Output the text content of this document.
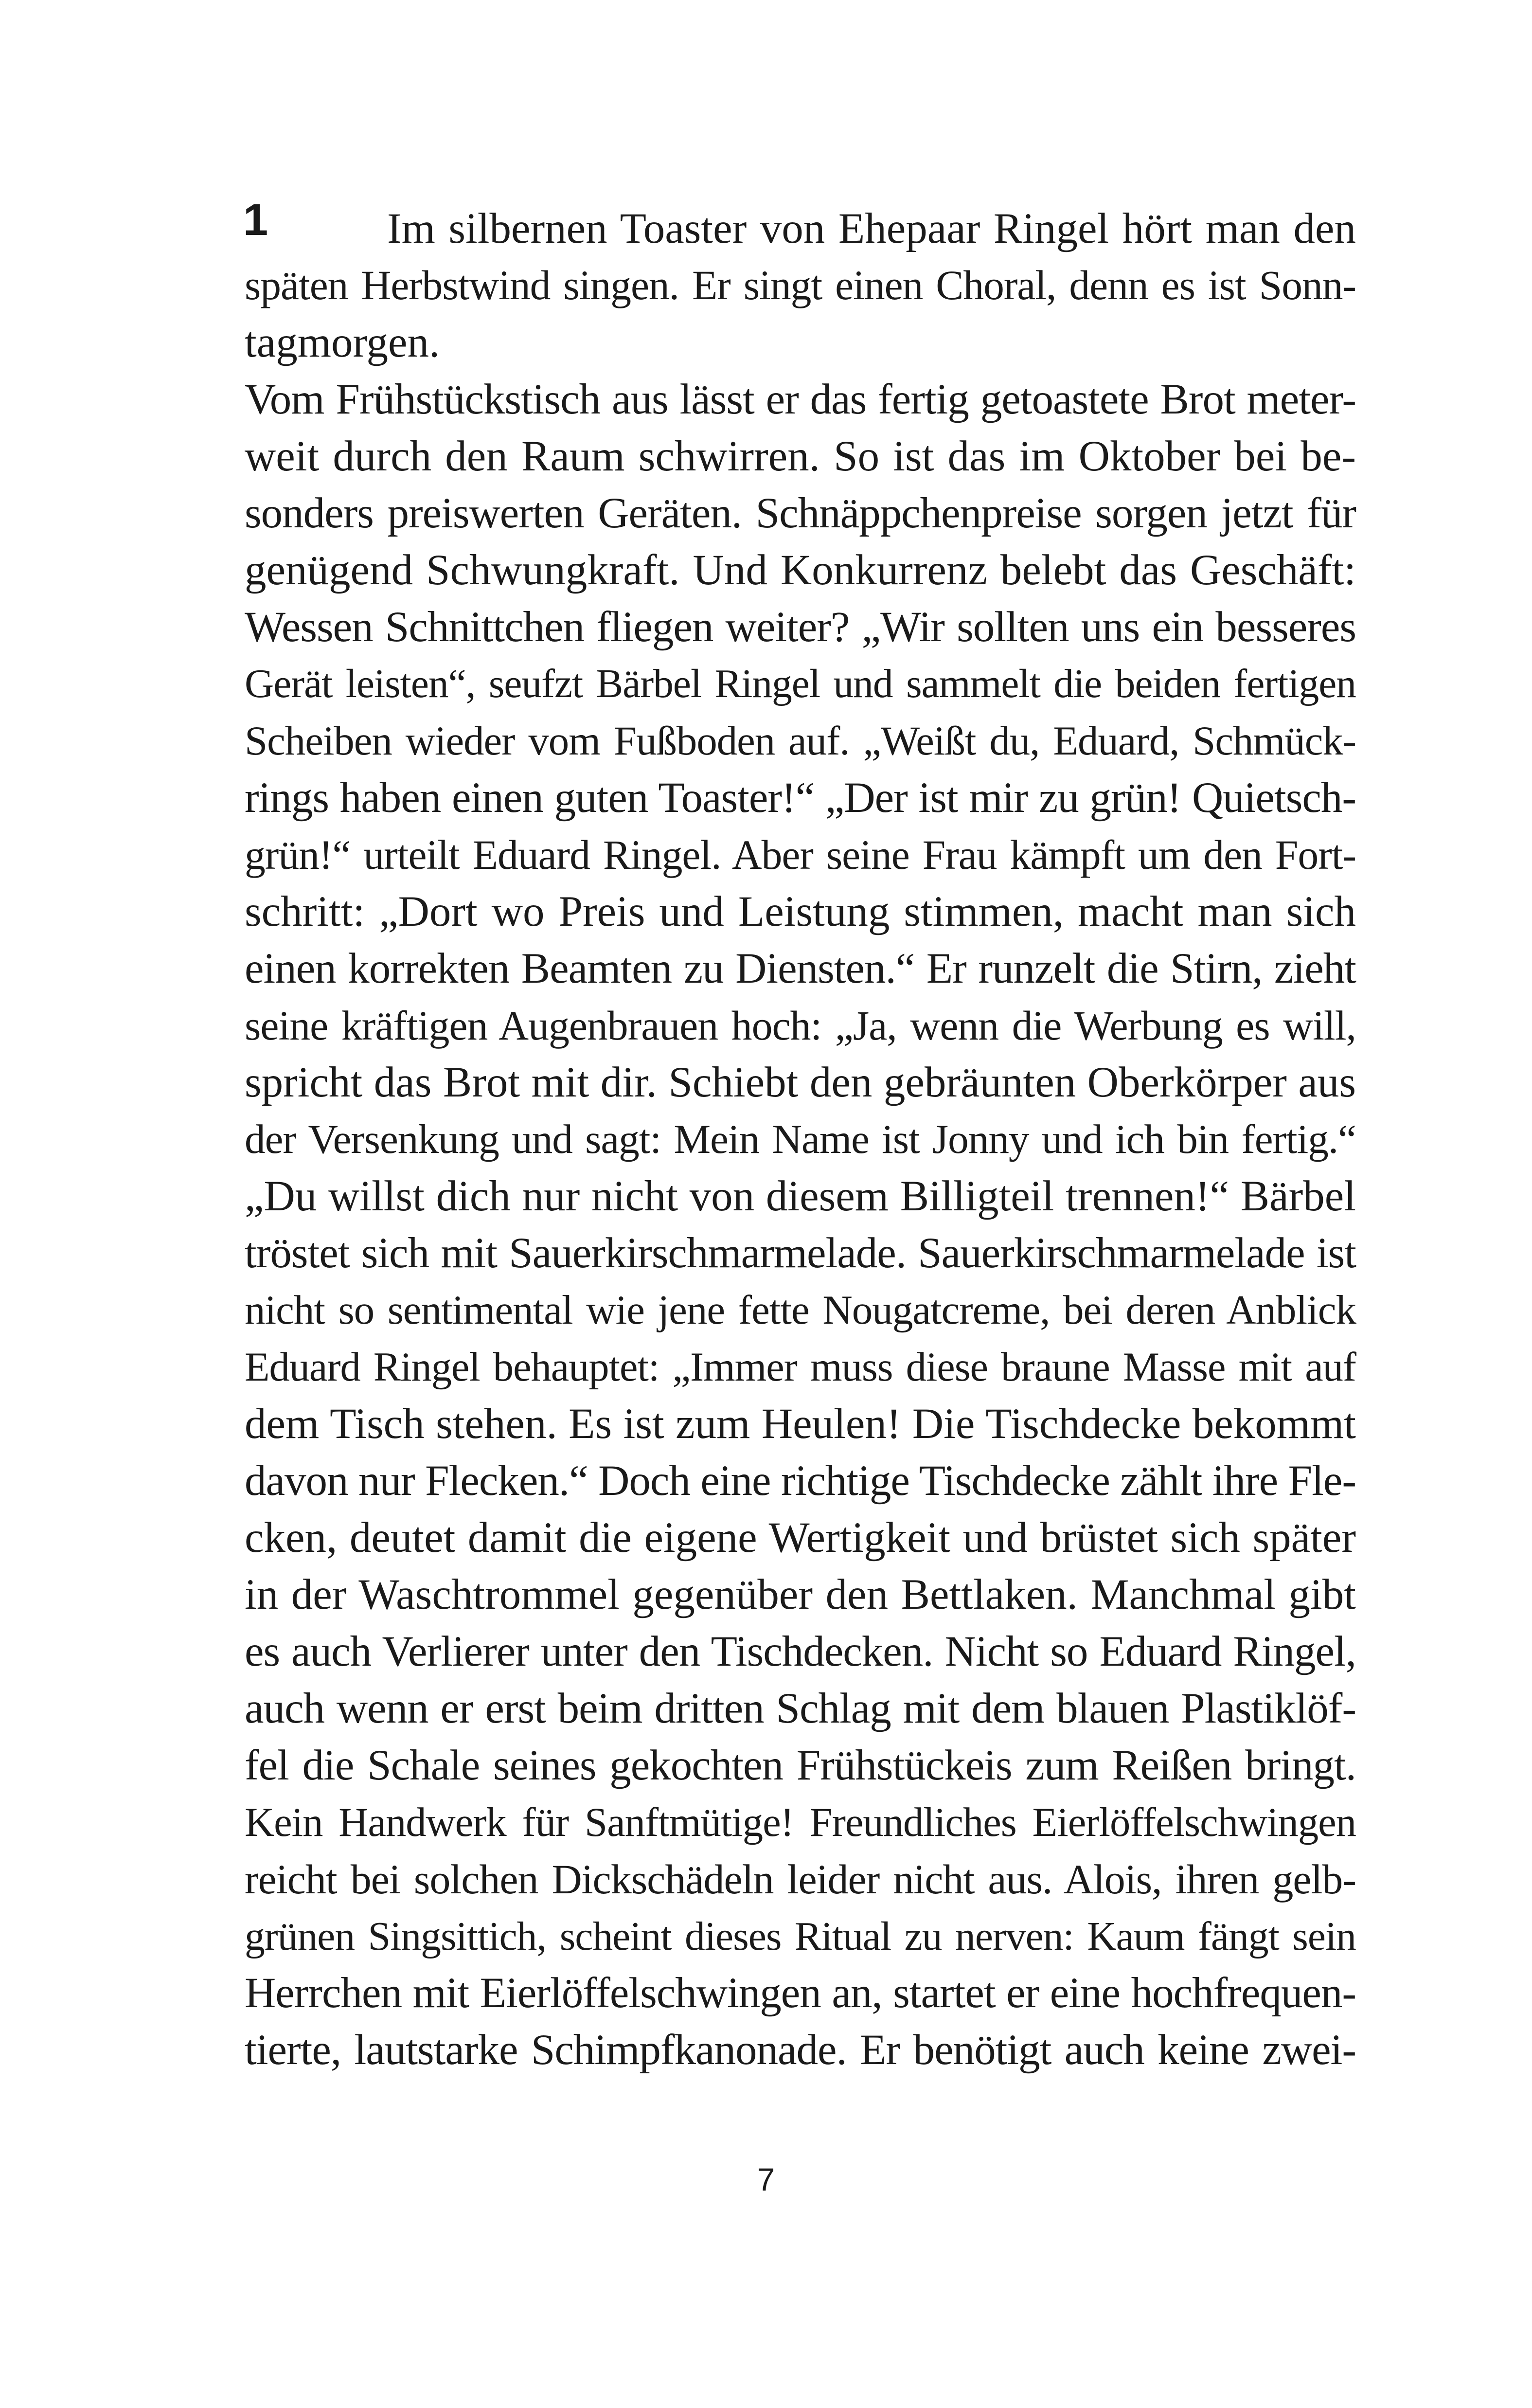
1	Im silbernen Toaster von Ehepaar Ringel hört man den
späten Herbstwind singen. Er singt einen Choral, denn es ist Sonn-
tagmorgen.
Vom Frühstückstisch aus lässt er das fertig getoastete Brot meter-
weit durch den Raum schwirren. So ist das im Oktober bei be-
sonders preiswerten Geräten. Schnäppchenpreise sorgen jetzt für
genügend Schwungkraft. Und Konkurrenz belebt das Geschäft:
Wessen Schnittchen fliegen weiter? „Wir sollten uns ein besseres
Gerät leisten“, seufzt Bärbel Ringel und sammelt die beiden fertigen
Scheiben wieder vom Fußboden auf. „Weißt du, Eduard, Schmück-
rings haben einen guten Toaster!“ „Der ist mir zu grün! Quietsch-
grün!“ urteilt Eduard Ringel. Aber seine Frau kämpft um den Fort-
schritt: „Dort wo Preis und Leistung stimmen, macht man sich
einen korrekten Beamten zu Diensten.“ Er runzelt die Stirn, zieht
seine kräftigen Augenbrauen hoch: „Ja, wenn die Werbung es will,
spricht das Brot mit dir. Schiebt den gebräunten Oberkörper aus
der Versenkung und sagt: Mein Name ist Jonny und ich bin fertig.“
„Du willst dich nur nicht von diesem Billigteil trennen!“ Bärbel
tröstet sich mit Sauerkirschmarmelade. Sauerkirschmarmelade ist
nicht so sentimental wie jene fette Nougatcreme, bei deren Anblick
Eduard Ringel behauptet: „Immer muss diese braune Masse mit auf
dem Tisch stehen. Es ist zum Heulen! Die Tischdecke bekommt
davon nur Flecken.“ Doch eine richtige Tischdecke zählt ihre Fle-
cken, deutet damit die eigene Wertigkeit und brüstet sich später
in der Waschtrommel gegenüber den Bettlaken. Manchmal gibt
es auch Verlierer unter den Tischdecken. Nicht so Eduard Ringel,
auch wenn er erst beim dritten Schlag mit dem blauen Plastiklöf-
fel die Schale seines gekochten Frühstückeis zum Reißen bringt.
Kein Handwerk für Sanftmütige! Freundliches Eierlöffelschwingen
reicht bei solchen Dickschädeln leider nicht aus. Alois, ihren gelb-
grünen Singsittich, scheint dieses Ritual zu nerven: Kaum fängt sein
Herrchen mit Eierlöffelschwingen an, startet er eine hochfrequen-
tierte, lautstarke Schimpfkanonade. Er benötigt auch keine zwei-
7
